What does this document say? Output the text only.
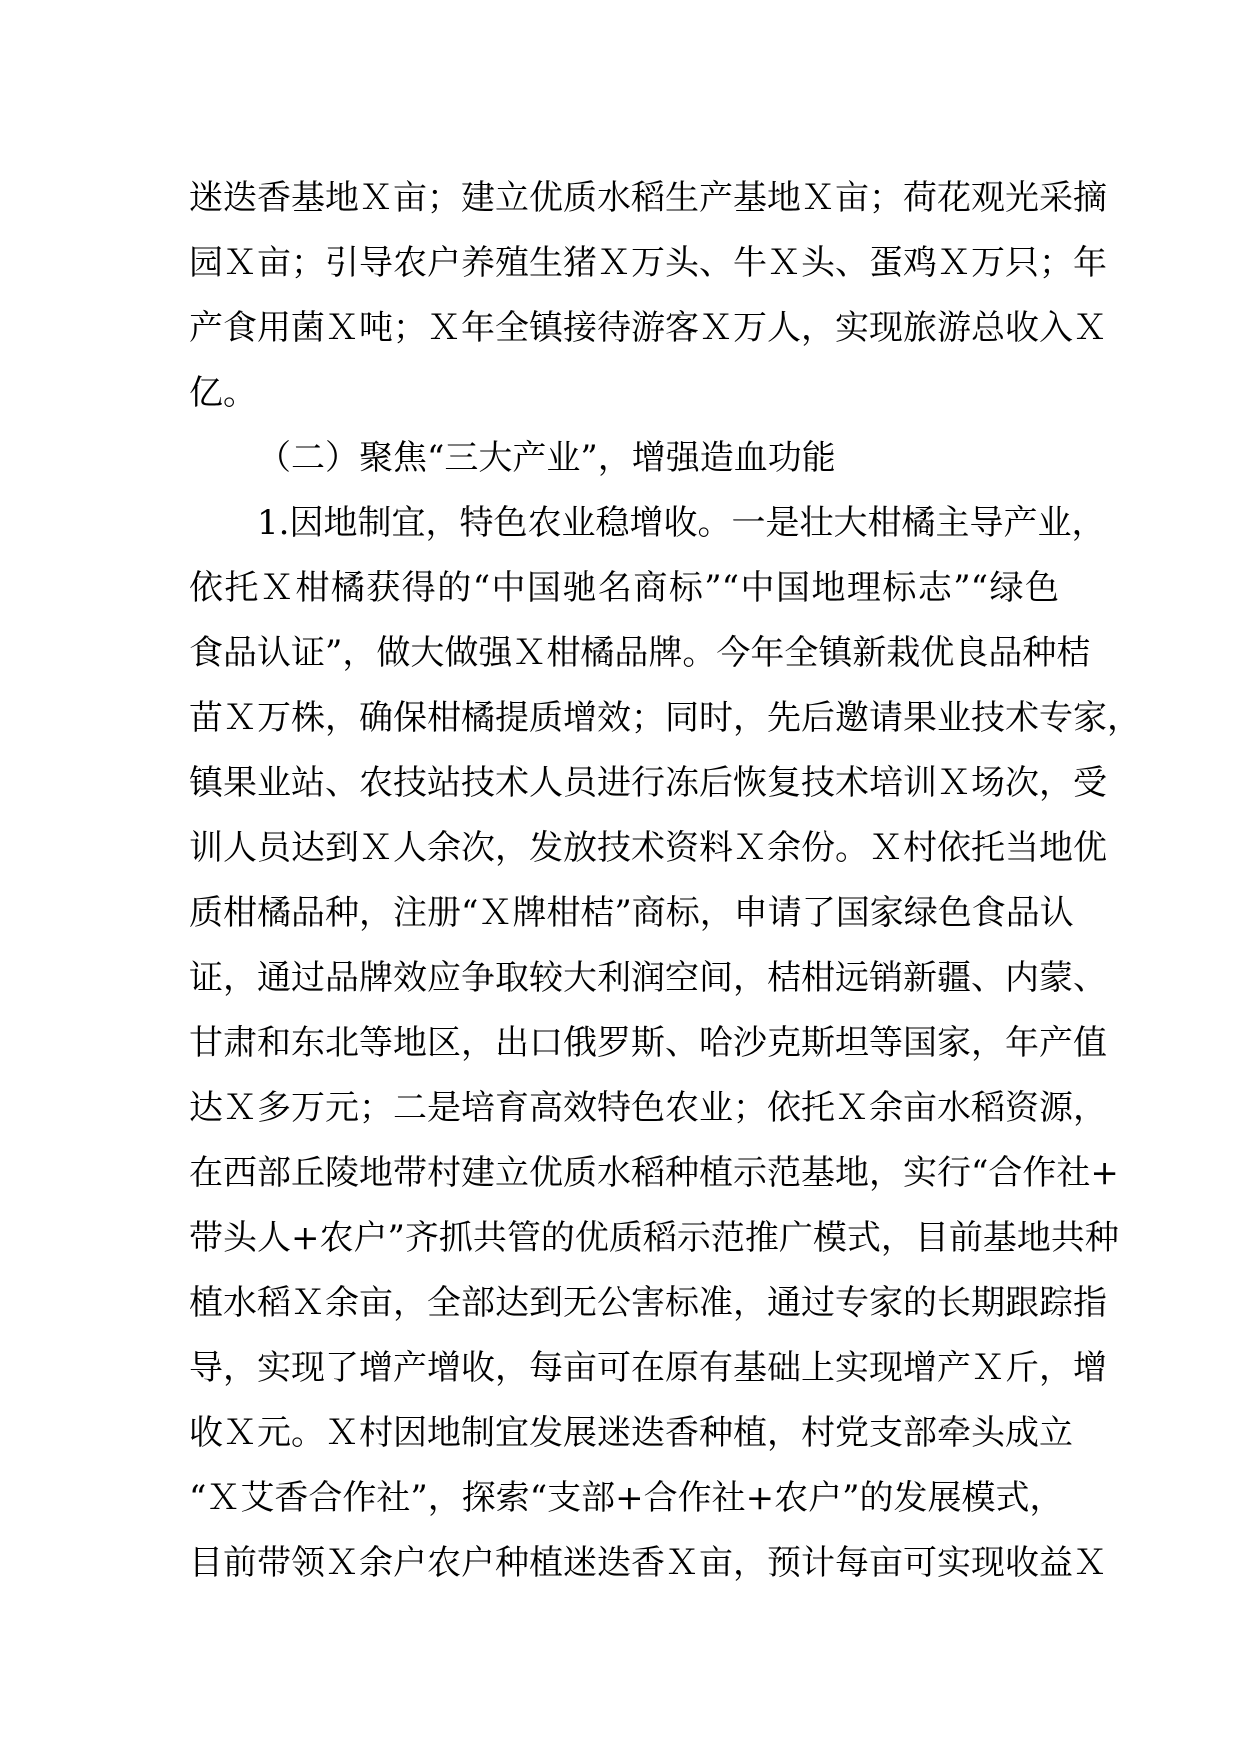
迷迭香基地Ｘ亩；建立优质水稻生产基地Ｘ亩；荷花观光采摘
园Ｘ亩；引导农户养殖生猪Ｘ万头、牛Ｘ头、蛋鸡Ｘ万只；年
产食用菌Ｘ吨；Ｘ年全镇接待游客Ｘ万人，实现旅游总收入Ｘ
亿。
（二）聚焦“三大产业”，增强造血功能
1.因地制宜，特色农业稳增收。一是壮大柑橘主导产业，
依托Ｘ柑橘获得的“中国驰名商标”“中国地理标志”“绿色
食品认证”，做大做强Ｘ柑橘品牌。今年全镇新栽优良品种桔
苗Ｘ万株，确保柑橘提质增效；同时，先后邀请果业技术专家，
镇果业站、农技站技术人员进行冻后恢复技术培训Ｘ场次，受
训人员达到Ｘ人余次，发放技术资料Ｘ余份。Ｘ村依托当地优
质柑橘品种，注册“Ｘ牌柑桔”商标，申请了国家绿色食品认
证，通过品牌效应争取较大利润空间，桔柑远销新疆、内蒙、
甘肃和东北等地区，出口俄罗斯、哈沙克斯坦等国家，年产值
达Ｘ多万元；二是培育高效特色农业；依托Ｘ余亩水稻资源，
在西部丘陵地带村建立优质水稻种植示范基地，实行“合作社+
带头人+农户”齐抓共管的优质稻示范推广模式，目前基地共种
植水稻Ｘ余亩，全部达到无公害标准，通过专家的长期跟踪指
导，实现了增产增收，每亩可在原有基础上实现增产Ｘ斤，增
收Ｘ元。Ｘ村因地制宜发展迷迭香种植，村党支部牵头成立
“Ｘ艾香合作社”，探索“支部+合作社+农户”的发展模式，
目前带领Ｘ余户农户种植迷迭香Ｘ亩，预计每亩可实现收益Ｘ
